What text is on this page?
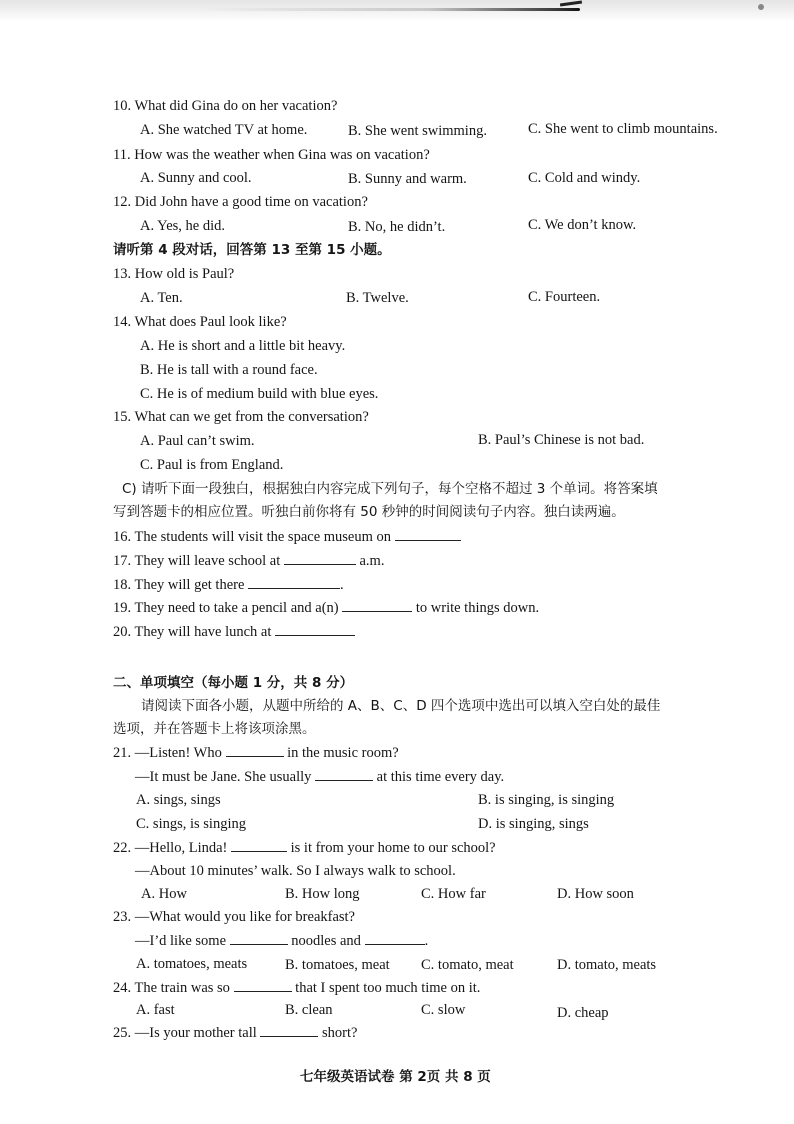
10. What did Gina do on her vacation?
A. She watched TV at home.	B. She went swimming.	C. She went to climb mountains.
11. How was the weather when Gina was on vacation?
A. Sunny and cool.	B. Sunny and warm.	C. Cold and windy.
12. Did John have a good time on vacation?
A. Yes, he did.	B. No, he didn’t.	C. We don’t know.
请听第 4 段对话，回答第 13 至第 15 小题。
13. How old is Paul?
A. Ten.	B. Twelve.	C. Fourteen.
14. What does Paul look like?
A. He is short and a little bit heavy.
B. He is tall with a round face.
C. He is of medium build with blue eyes.
15. What can we get from the conversation?
A. Paul can’t swim.	B. Paul’s Chinese is not bad.
C. Paul is from England.
C) 请听下面一段独白，根据独白内容完成下列句子，每个空格不超过 3 个单词。将答案填
写到答题卡的相应位置。听独白前你将有 50 秒钟的时间阅读句子内容。独白读两遍。
16. The students will visit the space museum on
17. They will leave school at	a.m.
18. They will get there	.
19. They need to take a pencil and a(n)	to write things down.
20. They will have lunch at
二、单项填空（每小题 1 分，共 8 分）
请阅读下面各小题，从题中所给的 A、B、C、D 四个选项中选出可以填入空白处的最佳
选项，并在答题卡上将该项涂黑。
21. —Listen! Who	in the music room?
—It must be Jane. She usually	at this time every day.
A. sings, sings	B. is singing, is singing
C. sings, is singing	D. is singing, sings
22. —Hello, Linda!	is it from your home to our school?
—About 10 minutes’ walk. So I always walk to school.
A. How	B. How long	C. How far	D. How soon
23. —What would you like for breakfast?
—I’d like some	noodles and	.
A. tomatoes, meats	B. tomatoes, meat C. tomato, meat	D. tomato, meats
24. The train was so	that I spent too much time on it.
A. fast	B. clean	C. slow	D. cheap
25. —Is your mother tall	short?
七年级英语试卷 第 2页 共 8 页
